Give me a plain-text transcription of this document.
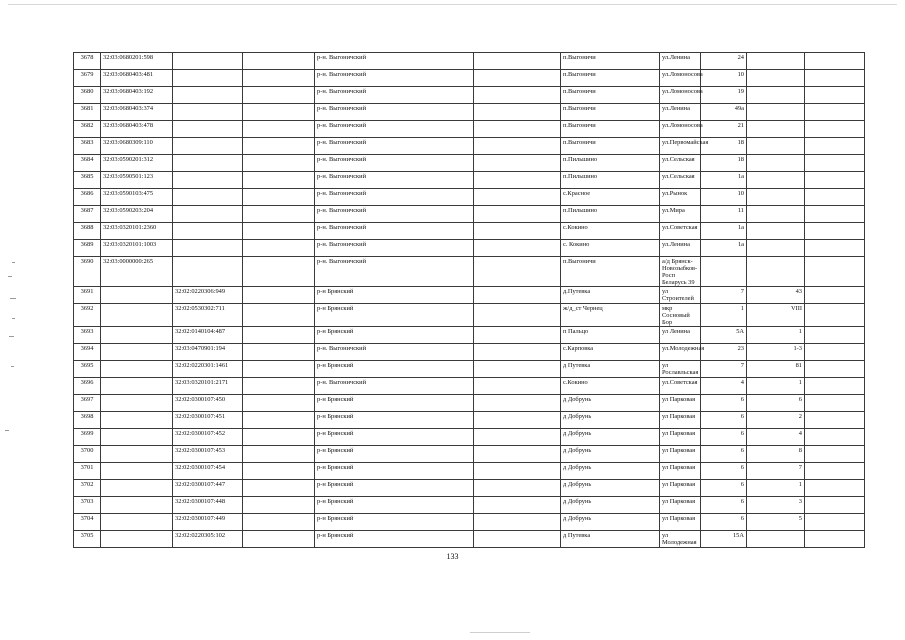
3678	32:03:0680201:598			р-н. Выгоничский		п.Выгоничи	ул.Ленина	24		
3679	32:03:0680403:481			р-н. Выгоничский		п.Выгоничи	ул.Ломоносова	10		
3680	32:03:0680403:192			р-н. Выгоничский		п.Выгоничи	ул.Ломоносова	19		
3681	32:03:0680403:374			р-н. Выгоничский		п.Выгоничи	ул.Ленина	49а		
3682	32:03:0680403:478			р-н. Выгоничский		п.Выгоничи	ул.Ломоносова	21		
3683	32:03:0680309:110			р-н. Выгоничский		п.Выгоничи	ул.Первомайская	18		
3684	32:03:0590201:312			р-н. Выгоничский		п.Пильшино	ул.Сельская	18		
3685	32:03:0590501:123			р-н. Выгоничский		п.Пильшино	ул.Сельская	1а		
3686	32:03:0590103:475			р-н. Выгоничский		с.Красное	ул.Рынок	10		
3687	32:03:0590203:204			р-н. Выгоничский		п.Пильшино	ул.Мира	11		
3688	32:03:0320101:2360			р-н. Выгоничский		с.Кокино	ул.Советская	1а		
3689	32:03:0320101:1003			р-н. Выгоничский		с. Кокино	ул.Ленина	1а		
3690	32:03:0000000:265			р-н. Выгоничский		п.Выгоничи	а/д Брянск-Новозыбков-Росп Беларусь 39			
3691		32:02:0220306:949		р-н Брянский		д.Путевка	ул Строителей	7	43	
3692		32:02:0530302:711		р-н Брянский		ж/д_ст Чернец	мкр Сосновый Бор	1	VIII	
3693		32:02:0140104:487		р-н Брянский		п Пальцо	ул Ленина	5А	1	
3694		32:03:0470901:194		р-н. Выгоничский		с.Карповка	ул.Молодежная	23	1-3	
3695		32:02:0220301:1461		р-н Брянский		д Путевка	ул Рославльская	7	81	
3696		32:03:0320101:2171		р-н. Выгоничский		с.Кокино	ул.Советская	4	1	
3697		32:02:0300107:450		р-н Брянский		д Добрунь	ул Парковая	6	6	
3698		32:02:0300107:451		р-н Брянский		д Добрунь	ул Парковая	6	2	
3699		32:02:0300107:452		р-н Брянский		д Добрунь	ул Парковая	6	4	
3700		32:02:0300107:453		р-н Брянский		д Добрунь	ул Парковая	6	8	
3701		32:02:0300107:454		р-н Брянский		д Добрунь	ул Парковая	6	7	
3702		32:02:0300107:447		р-н Брянский		д Добрунь	ул Парковая	6	1	
3703		32:02:0300107:448		р-н Брянский		д Добрунь	ул Парковая	6	3	
3704		32:02:0300107:449		р-н Брянский		д Добрунь	ул Парковая	6	5	
3705		32:02:0220305:102		р-н Брянский		д Путевка	ул Молодежная	15А		
133
